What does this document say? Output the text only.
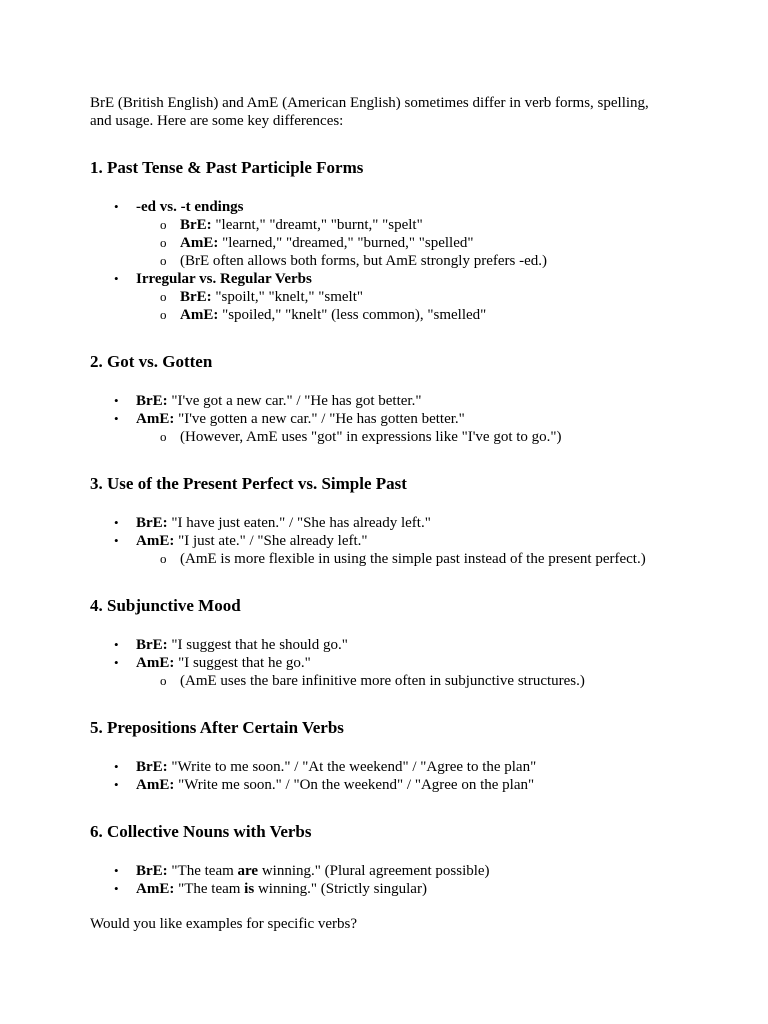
BrE (British English) and AmE (American English) sometimes differ in verb forms, spelling, and usage. Here are some key differences:

1. Past Tense & Past Participle Forms
• -ed vs. -t endings
o BrE: "learnt," "dreamt," "burnt," "spelt"
o AmE: "learned," "dreamed," "burned," "spelled"
o (BrE often allows both forms, but AmE strongly prefers -ed.)
• Irregular vs. Regular Verbs
o BrE: "spoilt," "knelt," "smelt"
o AmE: "spoiled," "knelt" (less common), "smelled"
2. Got vs. Gotten
• BrE: "I've got a new car." / "He has got better."
• AmE: "I've gotten a new car." / "He has gotten better."
o (However, AmE uses "got" in expressions like "I've got to go.")
3. Use of the Present Perfect vs. Simple Past
• BrE: "I have just eaten." / "She has already left."
• AmE: "I just ate." / "She already left."
o (AmE is more flexible in using the simple past instead of the present perfect.)
4. Subjunctive Mood
• BrE: "I suggest that he should go."
• AmE: "I suggest that he go."
o (AmE uses the bare infinitive more often in subjunctive structures.)
5. Prepositions After Certain Verbs
• BrE: "Write to me soon." / "At the weekend" / "Agree to the plan"
• AmE: "Write me soon." / "On the weekend" / "Agree on the plan"
6. Collective Nouns with Verbs
• BrE: "The team are winning." (Plural agreement possible)
• AmE: "The team is winning." (Strictly singular)

Would you like examples for specific verbs?
